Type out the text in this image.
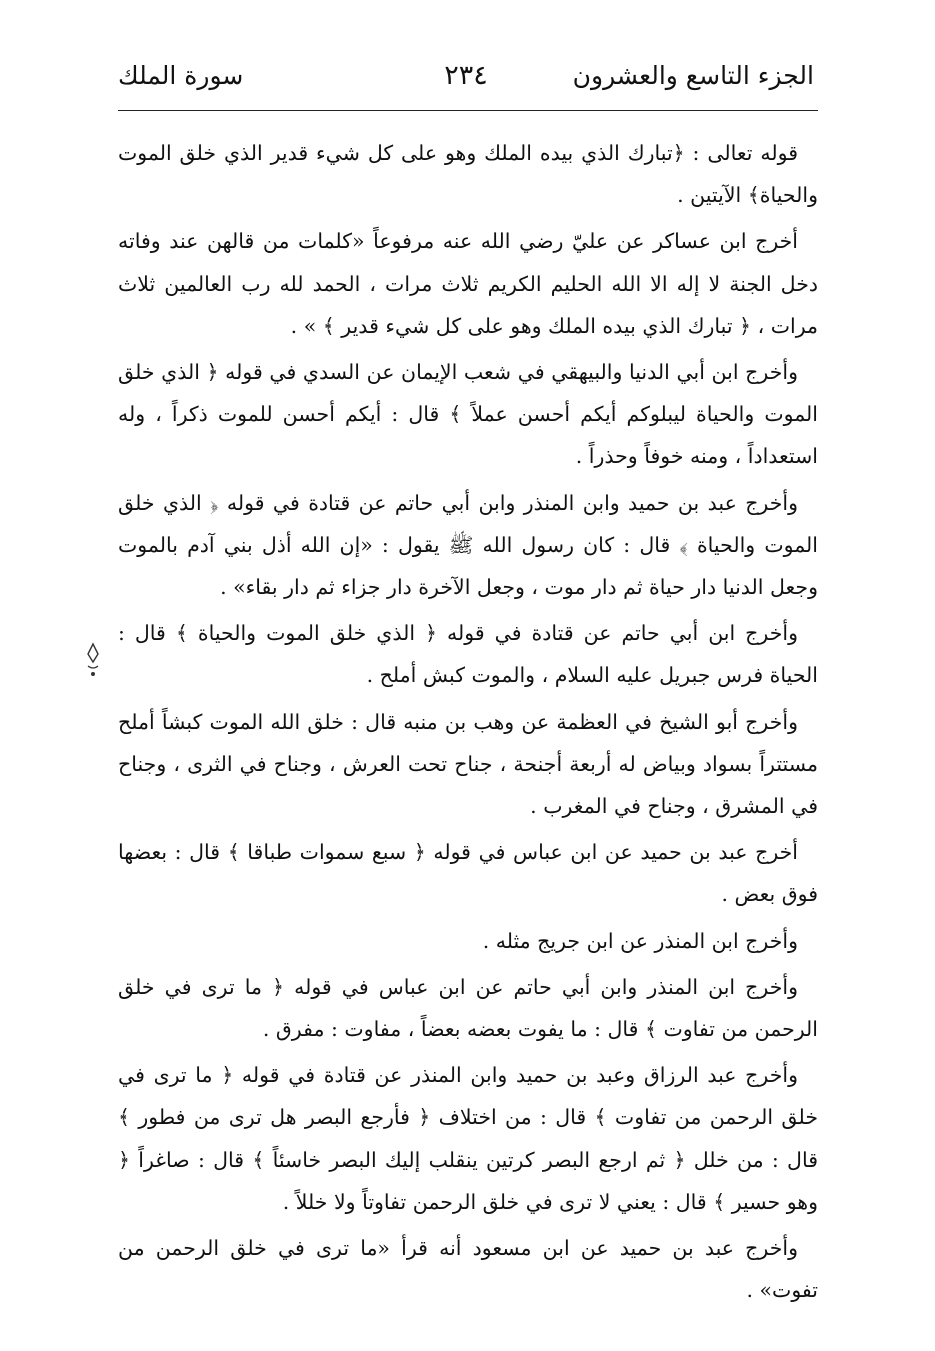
الجزء التاسع والعشرون
٢٣٤
سورة الملك

قوله تعالى : ﴿تبارك الذي بيده الملك وهو على كل شيء قدير الذي خلق الموت والحياة﴾ الآيتين .

أخرج ابن عساكر عن عليّ رضي الله عنه مرفوعاً «كلمات من قالهن عند وفاته دخل الجنة لا إله الا الله الحليم الكريم ثلاث مرات ، الحمد لله رب العالمين ثلاث مرات ، ﴿ تبارك الذي بيده الملك وهو على كل شيء قدير ﴾ » .

وأخرج ابن أبي الدنيا والبيهقي في شعب الإيمان عن السدي في قوله ﴿ الذي خلق الموت والحياة ليبلوكم أيكم أحسن عملاً ﴾ قال : أيكم أحسن للموت ذكراً ، وله استعداداً ، ومنه خوفاً وحذراً .

وأخرج عبد بن حميد وابن المنذر وابن أبي حاتم عن قتادة في قوله ﴿ الذي خلق الموت والحياة ﴾ قال : كان رسول الله ﷺ يقول : «إن الله أذل بني آدم بالموت وجعل الدنيا دار حياة ثم دار موت ، وجعل الآخرة دار جزاء ثم دار بقاء» .

وأخرج ابن أبي حاتم عن قتادة في قوله ﴿ الذي خلق الموت والحياة ﴾ قال : الحياة فرس جبريل عليه السلام ، والموت كبش أملح .

وأخرج أبو الشيخ في العظمة عن وهب بن منبه قال : خلق الله الموت كبشاً أملح مستتراً بسواد وبياض له أربعة أجنحة ، جناح تحت العرش ، وجناح في الثرى ، وجناح في المشرق ، وجناح في المغرب .

أخرج عبد بن حميد عن ابن عباس في قوله ﴿ سبع سموات طباقا ﴾ قال : بعضها فوق بعض .

وأخرج ابن المنذر عن ابن جريج مثله .

وأخرج ابن المنذر وابن أبي حاتم عن ابن عباس في قوله ﴿ ما ترى في خلق الرحمن من تفاوت ﴾ قال : ما يفوت بعضه بعضاً ، مفاوت : مفرق .

وأخرج عبد الرزاق وعبد بن حميد وابن المنذر عن قتادة في قوله ﴿ ما ترى في خلق الرحمن من تفاوت ﴾ قال : من اختلاف ﴿ فأرجع البصر هل ترى من فطور ﴾ قال : من خلل ﴿ ثم ارجع البصر كرتين ينقلب إليك البصر خاسئاً ﴾ قال : صاغراً ﴿ وهو حسير ﴾ قال : يعني لا ترى في خلق الرحمن تفاوتاً ولا خللاً .

وأخرج عبد بن حميد عن ابن مسعود أنه قرأ «ما ترى في خلق الرحمن من تفوت» .
